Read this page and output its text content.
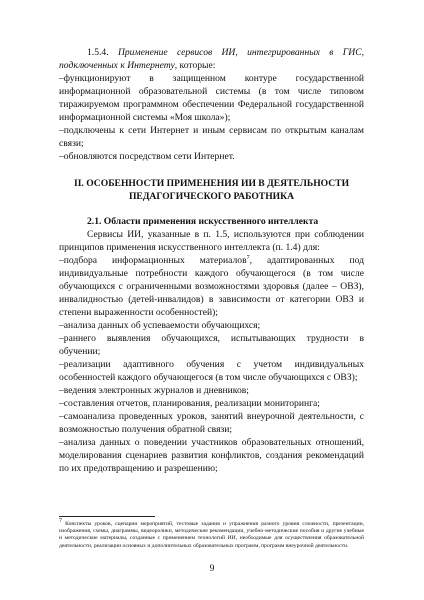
1.5.4. Применение сервисов ИИ, интегрированных в ГИС, подключенных к Интернету, которые:

–функционируют в защищенном контуре государственной информационной образовательной системы (в том числе типовом тиражируемом программном обеспечении Федеральной государственной информационной системы «Моя школа»);

–подключены к сети Интернет и иным сервисам по открытым каналам связи;

–обновляются посредством сети Интернет.

II. ОСОБЕННОСТИ ПРИМЕНЕНИЯ ИИ В ДЕЯТЕЛЬНОСТИ

ПЕДАГОГИЧЕСКОГО РАБОТНИКА

2.1. Области применения искусственного интеллекта

Сервисы ИИ, указанные в п. 1.5, используются при соблюдении принципов применения искусственного интеллекта (п. 1.4) для:

–подбора информационных материалов$^7$, адаптированных под индивидуальные потребности каждого обучающегося (в том числе обучающихся с ограниченными возможностями здоровья (далее – ОВЗ), инвалидностью (детей-инвалидов) в зависимости от категории ОВЗ и степени выраженности особенностей);

–анализа данных об успеваемости обучающихся;

–раннего выявления обучающихся, испытывающих трудности в обучении;

–реализации адаптивного обучения с учетом индивидуальных особенностей каждого обучающегося (в том числе обучающихся с ОВЗ);

–ведения электронных журналов и дневников;

–составления отчетов, планирования, реализации мониторинга;

–самоанализа проведенных уроков, занятий внеурочной деятельности, с возможностью получения обратной связи;

–анализа данных о поведении участников образовательных отношений, моделирования сценариев развития конфликтов, создания рекомендаций по их предотвращению и разрешению;

$^7$ Конспекты уроков, сценарии мероприятий, тестовые задания и упражнения разного уровня сложности, презентации, изображения, схемы, диаграммы, видеоролики, методические рекомендации, учебно-методические пособия и другие учебные и методические материалы, созданные с применением технологий ИИ, необходимые для осуществления образовательной деятельности, реализации основных и дополнительных образовательных программ, программ внеурочной деятельности.

9
